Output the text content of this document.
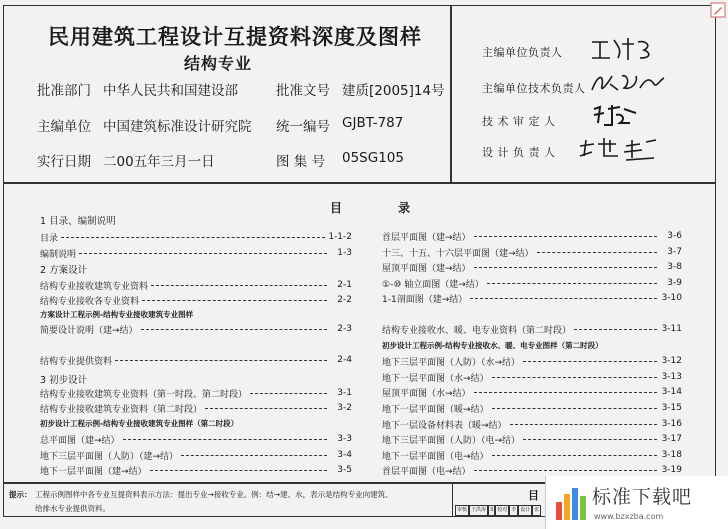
民用建筑工程设计互提资料深度及图样
结构专业
批准部门 中华人民共和国建设部	批准文号 建质[2005]14号
主编单位 中国建筑标准设计研究院 统一编号 GJBT-787
实行日期 二00五年三月一日	图 集 号 05SG105
主编单位负责人
主编单位技术负责人
技 术 审 定 人
设 计 负 责 人
目 录
1 目录、编制说明
目录	1-1-2
编制说明	1-3
2 方案设计
结构专业接收建筑专业资料	2-1
结构专业接收各专业资料	2-2
方案设计工程示例-结构专业接收建筑专业图样
简要设计说明（建→结）	2-3
结构专业提供资料	2-4
3 初步设计
结构专业接收建筑专业资料（第一时段、第二时段）	3-1
结构专业接收建筑专业资料（第二时段）	3-2
初步设计工程示例-结构专业接收建筑专业图样（第二时段）
总平面图（建→结）	3-3
地下三层平面图（人防）（建→结）	3-4
地下一层平面图（建→结）	3-5
首层平面图（建→结）	3-6
十三、十五、十六层平面图（建→结）	3-7
屋顶平面图（建→结）	3-8
①-⑩ 轴立面图（建→结）	3-9
1-1剖面图（建→结）	3-10
结构专业接收水、暖、电专业资料（第二时段）	3-11
初步设计工程示例-结构专业接收水、暖、电专业图样（第二时段）
地下三层平面图（人防）（水→结）	3-12
地下一层平面图（水→结）	3-13
屋顶平面图（水→结）	3-14
地下一层平面图（暖→结）	3-15
地下一层设备材料表（暖→结）	3-16
地下三层平面图（人防）（电→结）	3-17
地下一层平面图（电→结）	3-18
首层平面图（电→结）	3-19
提示： 工程示例图样中各专业互提资料表示方法：提出专业→接收专业。例：结→建、水，表示是结构专业向建筑、
给排水专业提供资料。
目
审核 王洪涛 3 校对 李 设计 张
标准下载吧
www.bzxzba.com
